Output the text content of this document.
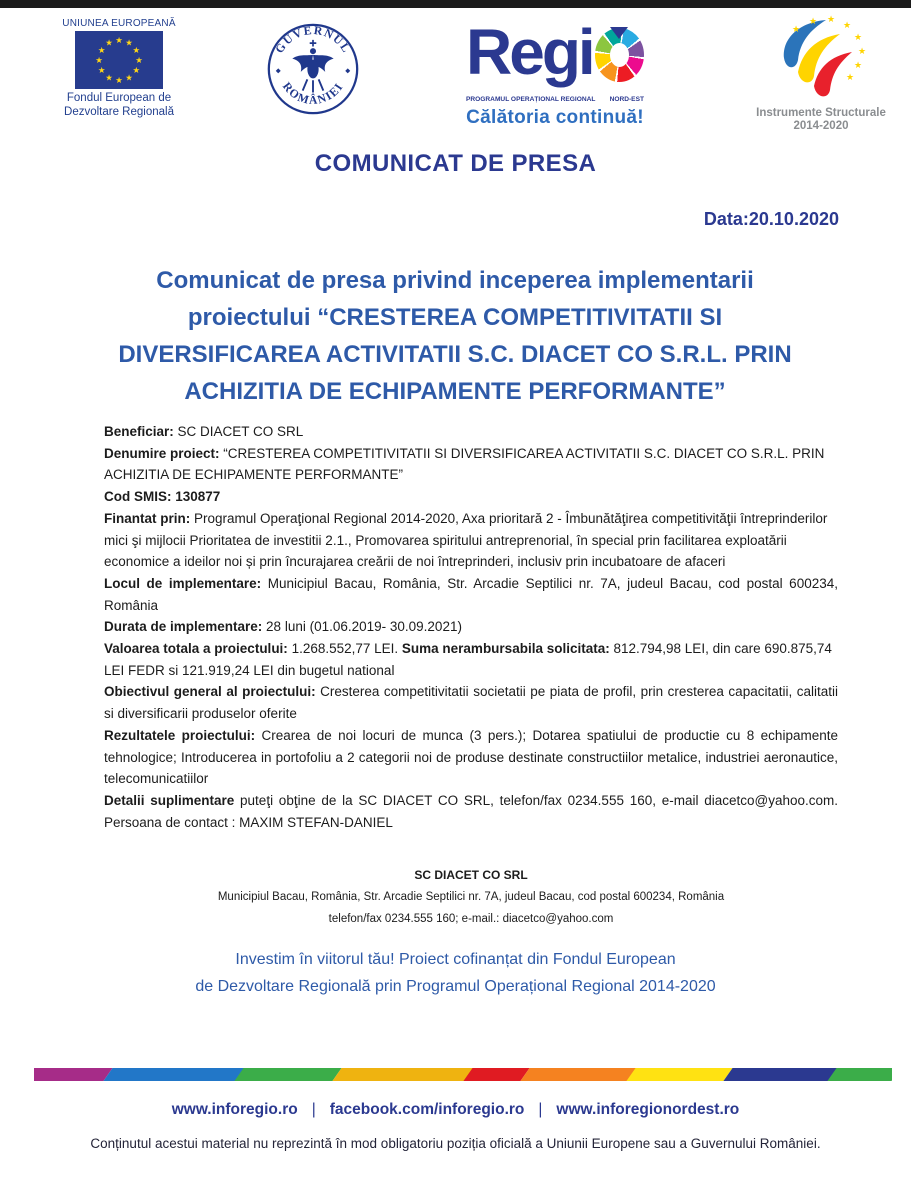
UNIUNEA EUROPEANĂ
★ ★
★
★
★
★
★
★
★
★
★
★
Fondul European de Dezvoltare Regională
GUVERNUL
ROMÂNIEI
◆	◆ Regi
PROGRAMUL OPERAȚIONAL REGIONAL NORD-EST
Călătoria continuă!
★
★ ★
★
★
★
★
★
Instrumente Structurale
2014-2020
COMUNICAT DE PRESA
Data:20.10.2020
Comunicat de presa privind inceperea implementarii
proiectului “CRESTEREA COMPETITIVITATII SI
DIVERSIFICAREA ACTIVITATII S.C. DIACET CO S.R.L. PRIN
ACHIZITIA DE ECHIPAMENTE PERFORMANTE”

Beneficiar: SC DIACET CO SRL

Denumire proiect: “CRESTEREA COMPETITIVITATII SI DIVERSIFICAREA ACTIVITATII S.C. DIACET CO S.R.L. PRIN ACHIZITIA DE ECHIPAMENTE PERFORMANTE”

Cod SMIS: 130877

Finantat prin: Programul Operaţional Regional 2014-2020, Axa prioritară 2 - Îmbunătăţirea competitivităţii întreprinderilor mici şi mijlocii Prioritatea de investitii 2.1., Promovarea spiritului antreprenorial, în special prin facilitarea exploatării economice a ideilor noi și prin încurajarea creării de noi întreprinderi, inclusiv prin incubatoare de afaceri

Locul de implementare: Municipiul Bacau, România, Str. Arcadie Septilici nr. 7A, judeul Bacau, cod postal 600234, România

Durata de implementare: 28 luni (01.06.2019- 30.09.2021)

Valoarea totala a proiectului: 1.268.552,77 LEI. Suma nerambursabila solicitata: 812.794,98 LEI, din care 690.875,74 LEI FEDR si 121.919,24 LEI din bugetul national

Obiectivul general al proiectului: Cresterea competitivitatii societatii pe piata de profil, prin cresterea capacitatii, calitatii si diversificarii produselor oferite

Rezultatele proiectului: Crearea de noi locuri de munca (3 pers.); Dotarea spatiului de productie cu 8 echipamente tehnologice; Introducerea in portofoliu a 2 categorii noi de produse destinate constructiilor metalice, industriei aeronautice, telecomunicatiilor

Detalii suplimentare puteţi obţine de la SC DIACET CO SRL, telefon/fax 0234.555 160, e-mail diacetco@yahoo.com. Persoana de contact : MAXIM STEFAN-DANIEL

SC DIACET CO SRL
Municipiul Bacau, România, Str. Arcadie Septilici nr. 7A, judeul Bacau, cod postal 600234, România
telefon/fax 0234.555 160; e-mail.: diacetco@yahoo.com
Investim în viitorul tău! Proiect cofinanțat din Fondul European
de Dezvoltare Regională prin Programul Operațional Regional 2014-2020
www.inforegio.ro | facebook.com/inforegio.ro | www.inforegionordest.ro
Conținutul acestui material nu reprezintă în mod obligatoriu poziția oficială a Uniunii Europene sau a Guvernului României.
